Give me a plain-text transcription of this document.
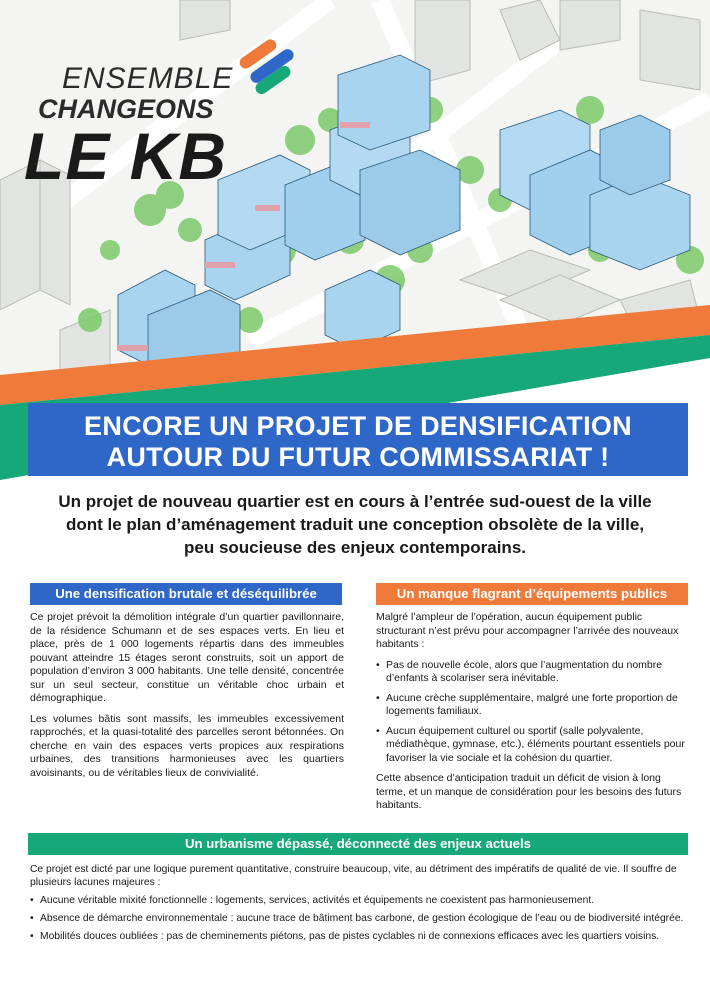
ENSEMBLE
CHANGEONS
LE KB
ENCORE UN PROJET DE DENSIFICATION
AUTOUR DU FUTUR COMMISSARIAT !
Un projet de nouveau quartier est en cours à l’entrée sud-ouest de la ville
dont le plan d’aménagement traduit une conception obsolète de la ville,
peu soucieuse des enjeux contemporains.
Une densification brutale et déséquilibrée

Ce projet prévoit la démolition intégrale d’un quartier pavillonnaire, de la résidence Schumann et de ses espaces verts. En lieu et place, près de 1 000 logements répartis dans des immeubles pouvant atteindre 15 étages seront construits, soit un apport de population d’environ 3 000 habitants. Une telle densité, concentrée sur un seul secteur, constitue un véritable choc urbain et démographique.

Les volumes bâtis sont massifs, les immeubles excessivement rapprochés, et la quasi-totalité des parcelles seront bétonnées. On cherche en vain des espaces verts propices aux respirations urbaines, des transitions harmonieuses avec les quartiers avoisinants, ou de véritables lieux de convivialité.

Un manque flagrant d’équipements publics

Malgré l’ampleur de l’opération, aucun équipement public structurant n’est prévu pour accompagner l’arrivée des nouveaux habitants :

• Pas de nouvelle école, alors que l’augmentation du nombre d’enfants à scolariser sera inévitable.
• Aucune crèche supplémentaire, malgré une forte proportion de logements familiaux.
• Aucun équipement culturel ou sportif (salle polyvalente, médiathèque, gymnase, etc.), éléments pourtant essentiels pour favoriser la vie sociale et la cohésion du quartier.

Cette absence d’anticipation traduit un déficit de vision à long terme, et un manque de considération pour les besoins des futurs habitants.

Un urbanisme dépassé, déconnecté des enjeux actuels

Ce projet est dicté par une logique purement quantitative, construire beaucoup, vite, au détriment des impératifs de qualité de vie. Il souffre de plusieurs lacunes majeures :

• Aucune véritable mixité fonctionnelle : logements, services, activités et équipements ne coexistent pas harmonieusement.
• Absence de démarche environnementale : aucune trace de bâtiment bas carbone, de gestion écologique de l’eau ou de biodiversité intégrée.
• Mobilités douces oubliées : pas de cheminements piétons, pas de pistes cyclables ni de connexions efficaces avec les quartiers voisins.
